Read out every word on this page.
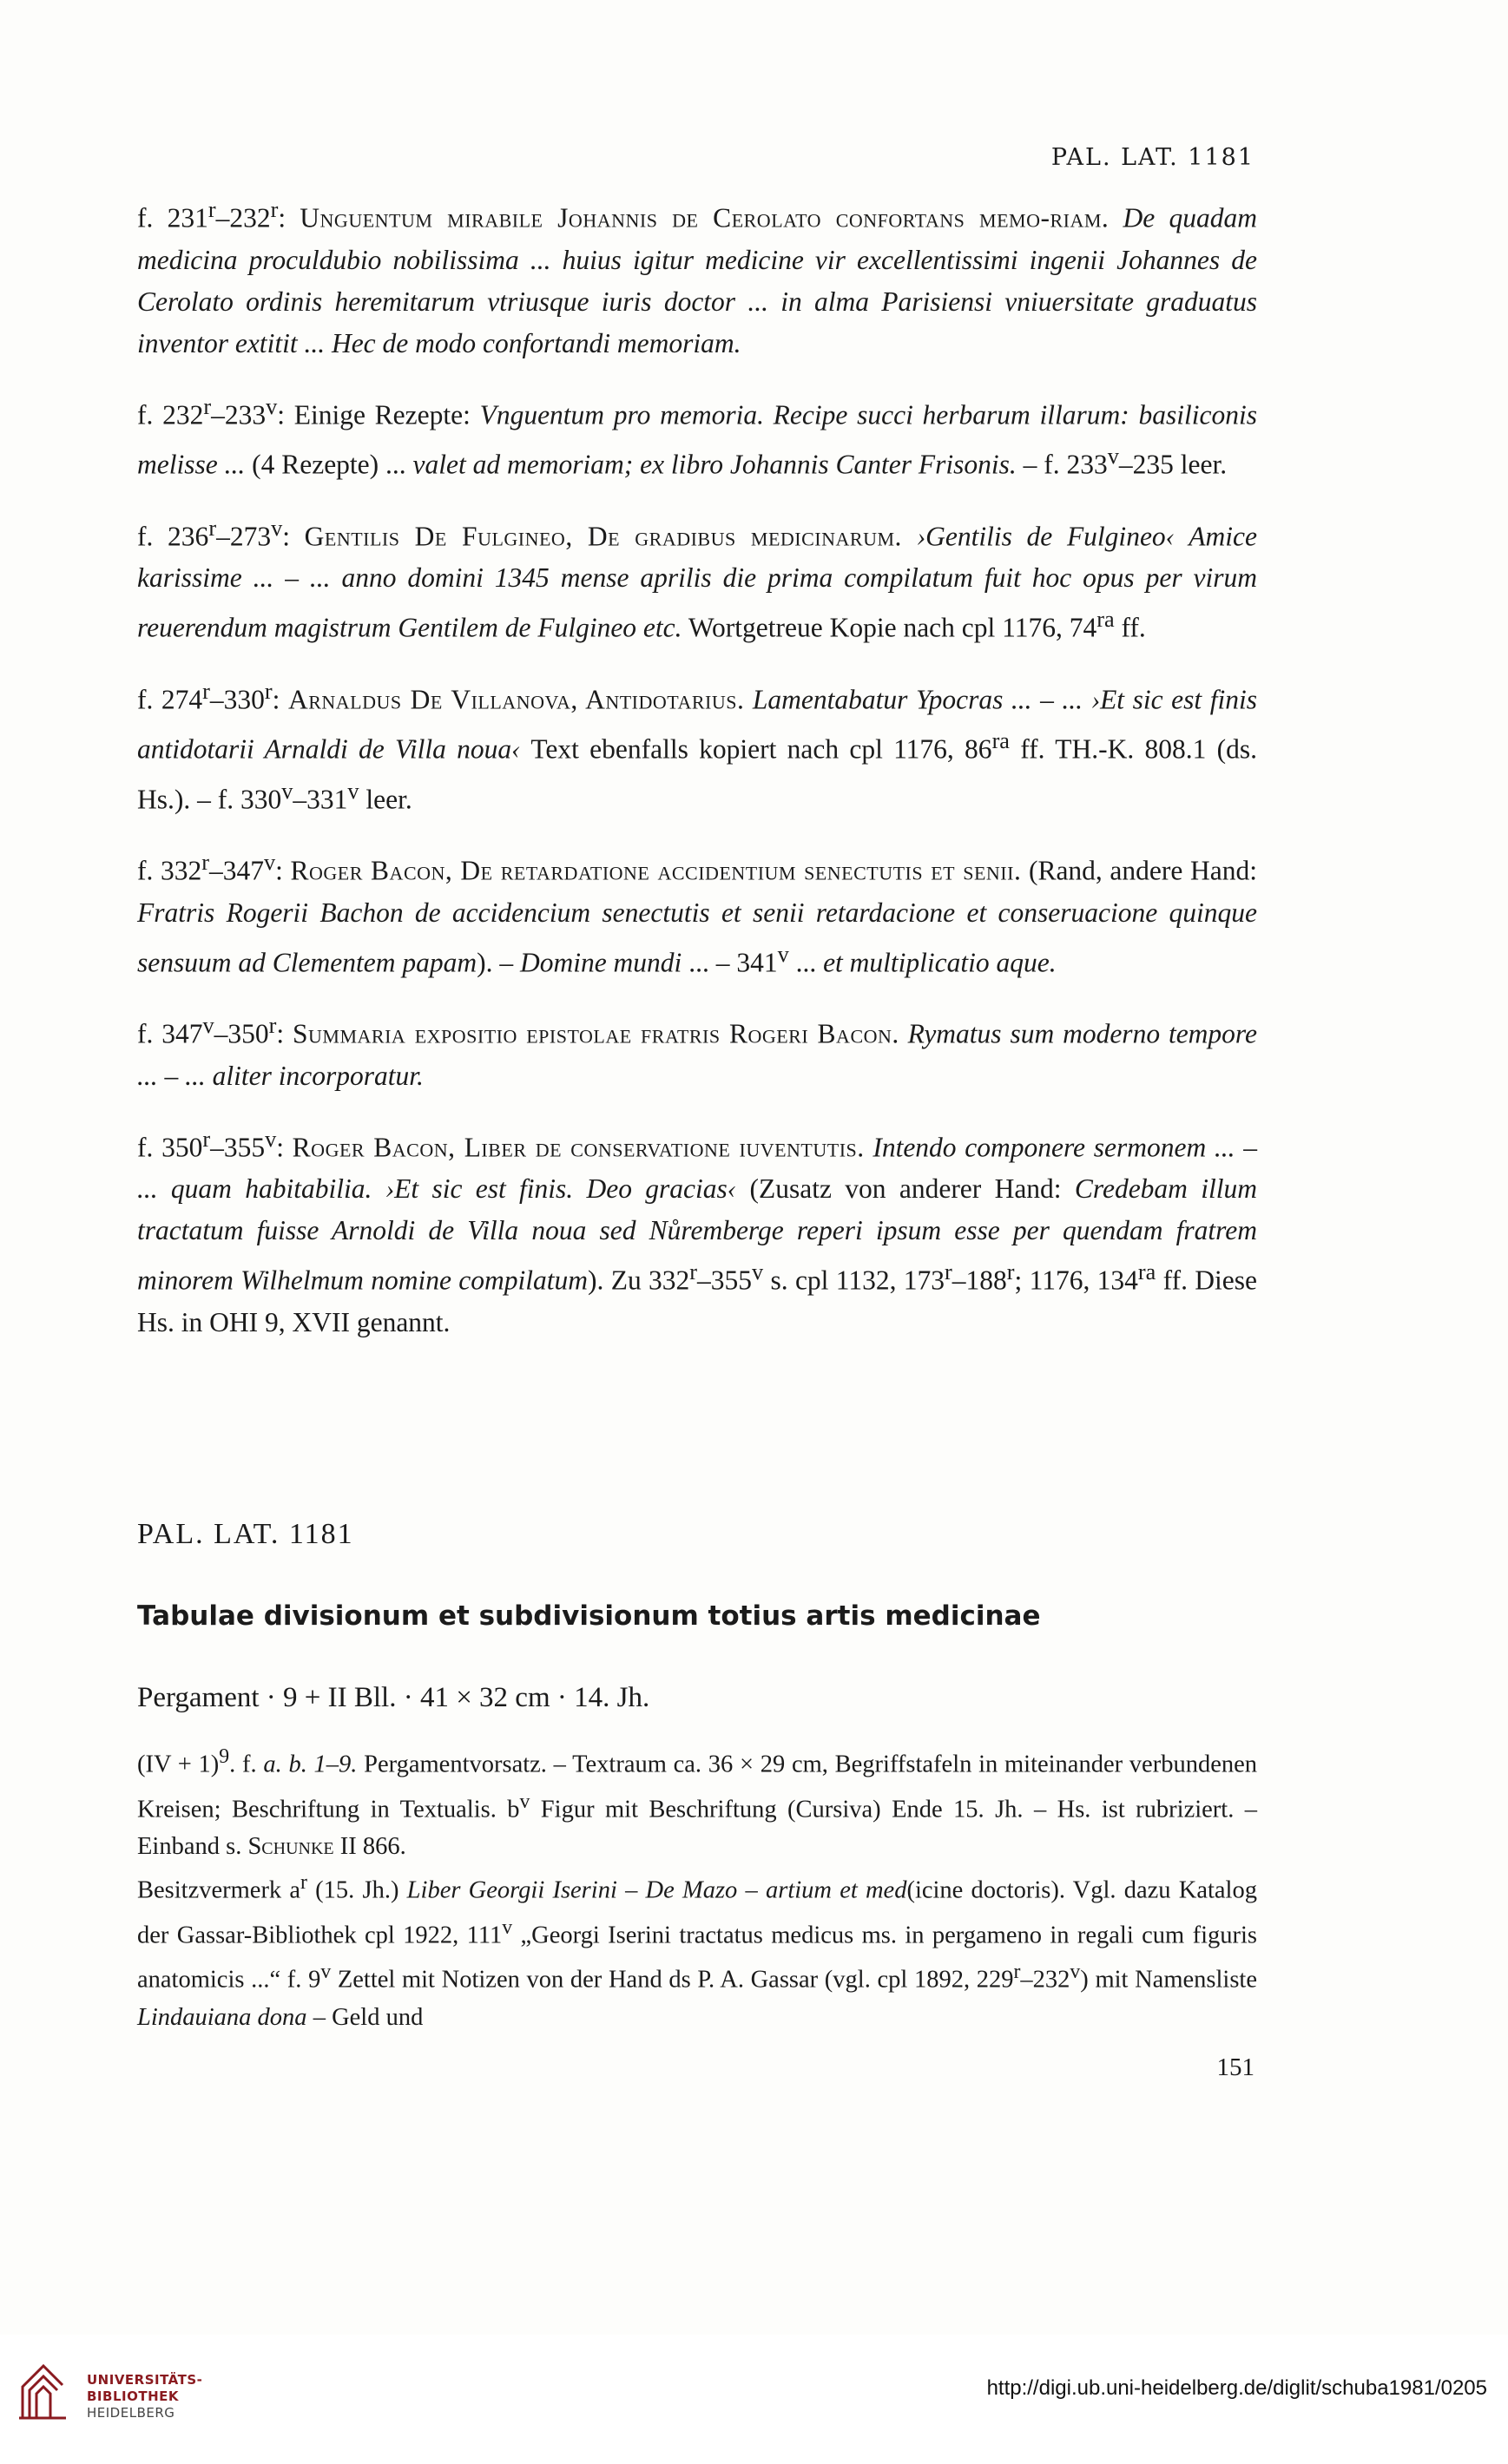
PAL. LAT. 1181

f. 231$^r$–232$^r$: Unguentum mirabile Johannis de Cerolato confortans memo-riam. De quadam medicina proculdubio nobilissima ... huius igitur medicine vir excellentissimi ingenii Johannes de Cerolato ordinis heremitarum vtriusque iuris doctor ... in alma Parisiensi vniuersitate graduatus inventor extitit ... Hec de modo confortandi memoriam.

f. 232$^r$–233$^v$: Einige Rezepte: Vnguentum pro memoria. Recipe succi herbarum illarum: basiliconis melisse ... (4 Rezepte) ... valet ad memoriam; ex libro Johannis Canter Frisonis. – f. 233$^v$–235 leer.

f. 236$^r$–273$^v$: Gentilis De Fulgineo, De gradibus medicinarum. ›Gentilis de Fulgineo‹ Amice karissime ... – ... anno domini 1345 mense aprilis die prima compilatum fuit hoc opus per virum reuerendum magistrum Gentilem de Fulgineo etc. Wortgetreue Kopie nach cpl 1176, $74^{ra}$ ff.

f. 274$^r$–330$^r$: Arnaldus De Villanova, Antidotarius. Lamentabatur Ypocras ... – ... ›Et sic est finis antidotarii Arnaldi de Villa noua‹ Text ebenfalls kopiert nach cpl 1176, $86^{ra}$ ff. TH.-K. 808.1 (ds. Hs.). – f. 330$^v$–331$^v$ leer.

f. 332$^r$–347$^v$: Roger Bacon, De retardatione accidentium senectutis et senii. (Rand, andere Hand: Fratris Rogerii Bachon de accidencium senectutis et senii retardacione et conseruacione quinque sensuum ad Clementem papam). – Domine mundi ... – 341$^v$ ... et multiplicatio aque.

f. 347$^v$–350$^r$: Summaria expositio epistolae fratris Rogeri Bacon. Rymatus sum moderno tempore ... – ... aliter incorporatur.

f. 350$^r$–355$^v$: Roger Bacon, Liber de conservatione iuventutis. Intendo componere sermonem ... – ... quam habitabilia. ›Et sic est finis. Deo gracias‹ (Zusatz von anderer Hand: Credebam illum tractatum fuisse Arnoldi de Villa noua sed Nůremberge reperi ipsum esse per quendam fratrem minorem Wilhelmum nomine compilatum). Zu 332$^r$–355$^v$ s. cpl 1132, 173$^r$–188$^r$; 1176, $134^{ra}$ ff. Diese Hs. in OHI 9, XVII genannt.

PAL. LAT. 1181
Tabulae divisionum et subdivisionum totius artis medicinae
Pergament · 9 + II Bll. · 41 × 32 cm · 14. Jh.
(IV + 1)$^9$. f. a. b. 1–9. Pergamentvorsatz. – Textraum ca. 36 × 29 cm, Begriffstafeln in miteinander verbundenen Kreisen; Beschriftung in Textualis. $b^v$ Figur mit Beschriftung (Cursiva) Ende 15. Jh. – Hs. ist rubriziert. – Einband s. Schunke II 866.
Besitzvermerk $a^r$ (15. Jh.) Liber Georgii Iserini – De Mazo – artium et med(icine doctoris). Vgl. dazu Katalog der Gassar-Bibliothek cpl 1922, 111$^v$ „Georgi Iserini tractatus medicus ms. in pergameno in regali cum figuris anatomicis ...“ f. 9$^v$ Zettel mit Notizen von der Hand ds P. A. Gassar (vgl. cpl 1892, 229$^r$–232$^v$) mit Namensliste Lindauiana dona – Geld und
151
UNIVERSITÄTS-
BIBLIOTHEK
HEIDELBERG
http://digi.ub.uni-heidelberg.de/diglit/schuba1981/0205
